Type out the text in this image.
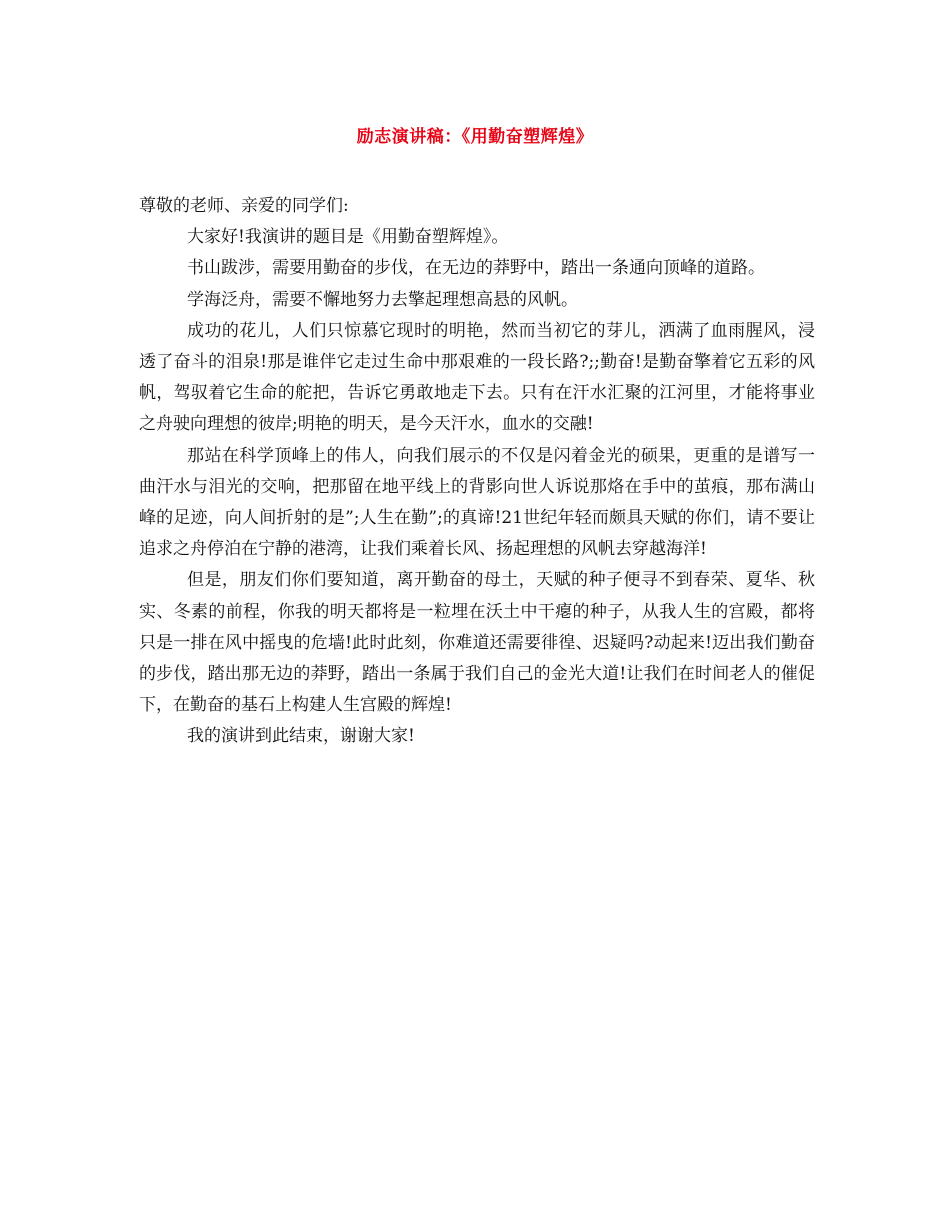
励志演讲稿：《用勤奋塑辉煌》

尊敬的老师、亲爱的同学们:

大家好!我演讲的题目是《用勤奋塑辉煌》。

书山跋涉，需要用勤奋的步伐，在无边的莽野中，踏出一条通向顶峰的道路。

学海泛舟，需要不懈地努力去擎起理想高悬的风帆。

成功的花儿，人们只惊慕它现时的明艳，然而当初它的芽儿，洒满了血雨腥风，浸透了奋斗的泪泉!那是谁伴它走过生命中那艰难的一段长路?;;勤奋!是勤奋擎着它五彩的风帆，驾驭着它生命的舵把，告诉它勇敢地走下去。只有在汗水汇聚的江河里，才能将事业之舟驶向理想的彼岸;明艳的明天，是今天汗水，血水的交融!

那站在科学顶峰上的伟人，向我们展示的不仅是闪着金光的硕果，更重的是谱写一曲汗水与泪光的交响，把那留在地平线上的背影向世人诉说那烙在手中的茧痕，那布满山峰的足迹，向人间折射的是”;人生在勤”;的真谛!21世纪年轻而颇具天赋的你们，请不要让追求之舟停泊在宁静的港湾，让我们乘着长风、扬起理想的风帆去穿越海洋!

但是，朋友们你们要知道，离开勤奋的母土，天赋的种子便寻不到春荣、夏华、秋实、冬素的前程，你我的明天都将是一粒埋在沃土中干瘪的种子，从我人生的宫殿，都将只是一排在风中摇曳的危墙!此时此刻，你难道还需要徘徨、迟疑吗?动起来!迈出我们勤奋的步伐，踏出那无边的莽野，踏出一条属于我们自己的金光大道!让我们在时间老人的催促下，在勤奋的基石上构建人生宫殿的辉煌!

我的演讲到此结束，谢谢大家!
